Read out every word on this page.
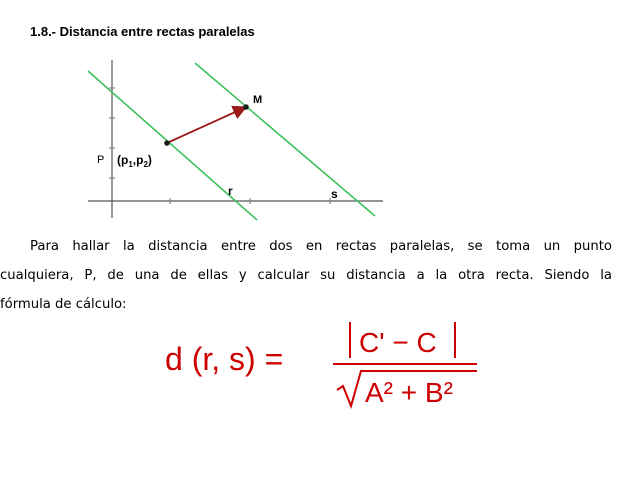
1.8.- Distancia entre rectas paralelas
M
P $(p_1,p_2)$
r	s
Para hallar la distancia entre dos en rectas paralelas, se toma un punto
cualquiera, P, de una de ellas y calcular su distancia a la otra recta. Siendo la
fórmula de cálculo:
d (r, s) =	C' − C
A² + B²
